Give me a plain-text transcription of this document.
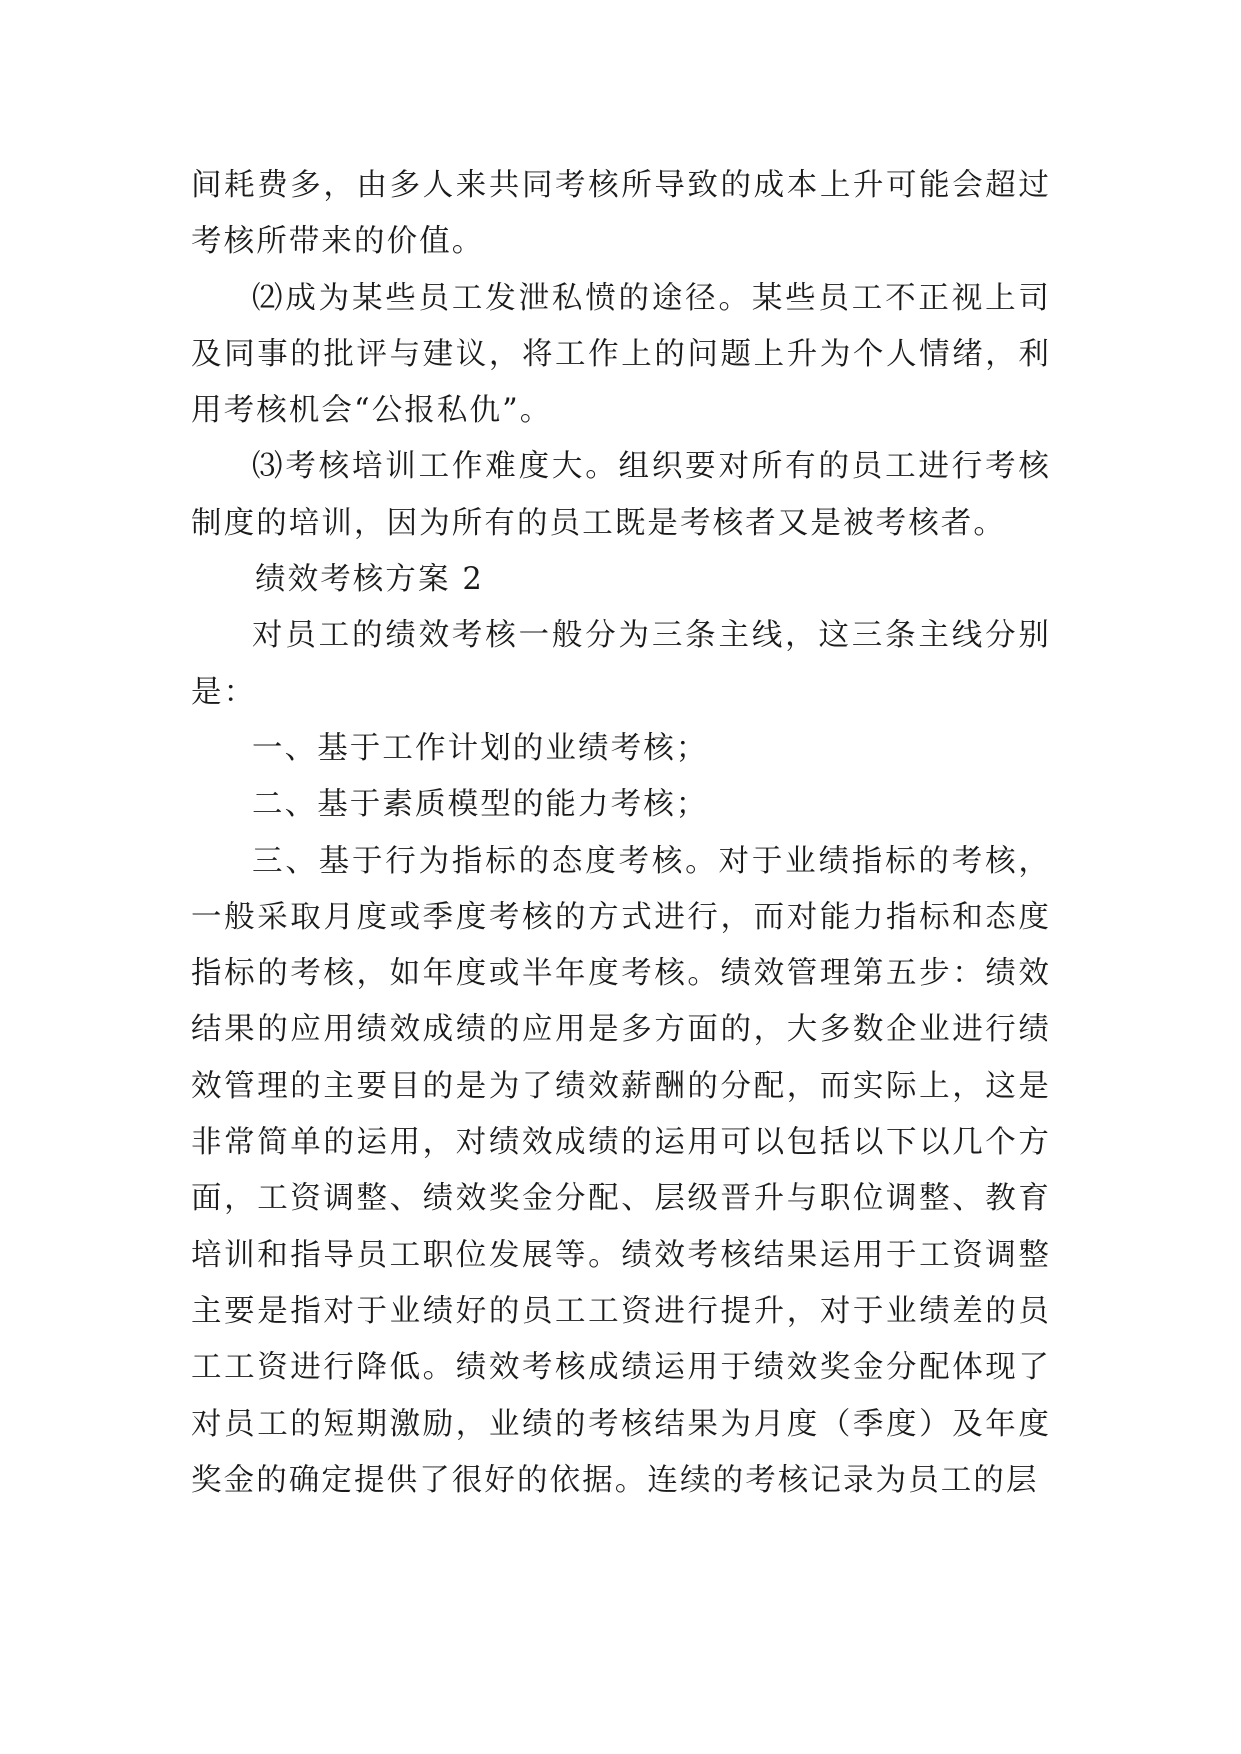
间耗费多，由多人来共同考核所导致的成本上升可能会超过考核所带来的价值。

⑵成为某些员工发泄私愤的途径。某些员工不正视上司及同事的批评与建议，将工作上的问题上升为个人情绪，利用考核机会“公报私仇”。

⑶考核培训工作难度大。组织要对所有的员工进行考核制度的培训，因为所有的员工既是考核者又是被考核者。

绩效考核方案 2

对员工的绩效考核一般分为三条主线，这三条主线分别是：

一、基于工作计划的业绩考核；

二、基于素质模型的能力考核；

三、基于行为指标的态度考核。对于业绩指标的考核，一般采取月度或季度考核的方式进行，而对能力指标和态度指标的考核，如年度或半年度考核。绩效管理第五步：绩效结果的应用绩效成绩的应用是多方面的，大多数企业进行绩效管理的主要目的是为了绩效薪酬的分配，而实际上，这是非常简单的运用，对绩效成绩的运用可以包括以下以几个方面，工资调整、绩效奖金分配、层级晋升与职位调整、教育培训和指导员工职位发展等。绩效考核结果运用于工资调整主要是指对于业绩好的员工工资进行提升，对于业绩差的员工工资进行降低。绩效考核成绩运用于绩效奖金分配体现了对员工的短期激励，业绩的考核结果为月度（季度）及年度奖金的确定提供了很好的依据。连续的考核记录为员工的层
